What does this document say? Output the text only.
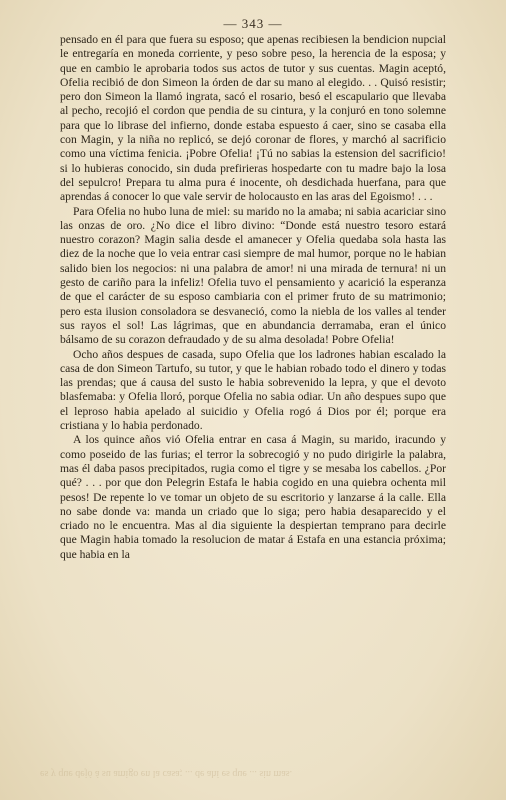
— 343 —

pensado en él para que fuera su esposo; que apenas recibiesen la bendicion nupcial le entregaría en moneda corriente, y peso sobre peso, la herencia de la esposa; y que en cambio le aprobaria todos sus actos de tutor y sus cuentas. Magin aceptó, Ofelia recibió de don Simeon la órden de dar su mano al elegido. . . Quisó resistir; pero don Simeon la llamó ingrata, sacó el rosario, besó el escapulario que llevaba al pecho, recojió el cordon que pendia de su cintura, y la conjuró en tono solemne para que lo librase del infierno, donde estaba espuesto á caer, sino se casaba ella con Magin, y la niña no replicó, se dejó coronar de flores, y marchó al sacrificio como una víctima fenicia. ¡Pobre Ofelia! ¡Tú no sabias la estension del sacrificio! si lo hubieras conocido, sin duda prefirieras hospedarte con tu madre bajo la losa del sepulcro! Prepara tu alma pura é inocente, oh desdichada huerfana, para que aprendas á conocer lo que vale servir de holocausto en las aras del Egoismo! . . .

Para Ofelia no hubo luna de miel: su marido no la amaba; ni sabia acariciar sino las onzas de oro. ¿No dice el libro divino: “Donde está nuestro tesoro estará nuestro corazon? Magin salia desde el amanecer y Ofelia quedaba sola hasta las diez de la noche que lo veia entrar casi siempre de mal humor, porque no le habian salido bien los negocios: ni una palabra de amor! ni una mirada de ternura! ni un gesto de cariño para la infeliz! Ofelia tuvo el pensamiento y acarició la esperanza de que el carácter de su esposo cambiaria con el primer fruto de su matrimonio; pero esta ilusion consoladora se desvaneció, como la niebla de los valles al tender sus rayos el sol! Las lágrimas, que en abundancia derramaba, eran el único bálsamo de su corazon defraudado y de su alma desolada! Pobre Ofelia!

Ocho años despues de casada, supo Ofelia que los ladrones habian escalado la casa de don Simeon Tartufo, su tutor, y que le habian robado todo el dinero y todas las prendas; que á causa del susto le habia sobrevenido la lepra, y que el devoto blasfemaba: y Ofelia lloró, porque Ofelia no sabia odiar. Un año despues supo que el leproso habia apelado al suicidio y Ofelia rogó á Dios por él; porque era cristiana y lo habia perdonado.

A los quince años vió Ofelia entrar en casa á Magin, su marido, iracundo y como poseido de las furias; el terror la sobrecogió y no pudo dirigirle la palabra, mas él daba pasos precipitados, rugia como el tigre y se mesaba los cabellos. ¿Por qué? . . . por que don Pelegrin Estafa le habia cogido en una quiebra ochenta mil pesos! De repente lo ve tomar un objeto de su escritorio y lanzarse á la calle. Ella no sabe donde va: manda un criado que lo siga; pero habia desaparecido y el criado no le encuentra. Mas al dia siguiente la despiertan temprano para decirle que Magin habia tomado la resolucion de matar á Estafa en una estancia próxima; que habia en la

es y que dejó á su amigo en la casa; ... de ahí es que ... sin mas.
